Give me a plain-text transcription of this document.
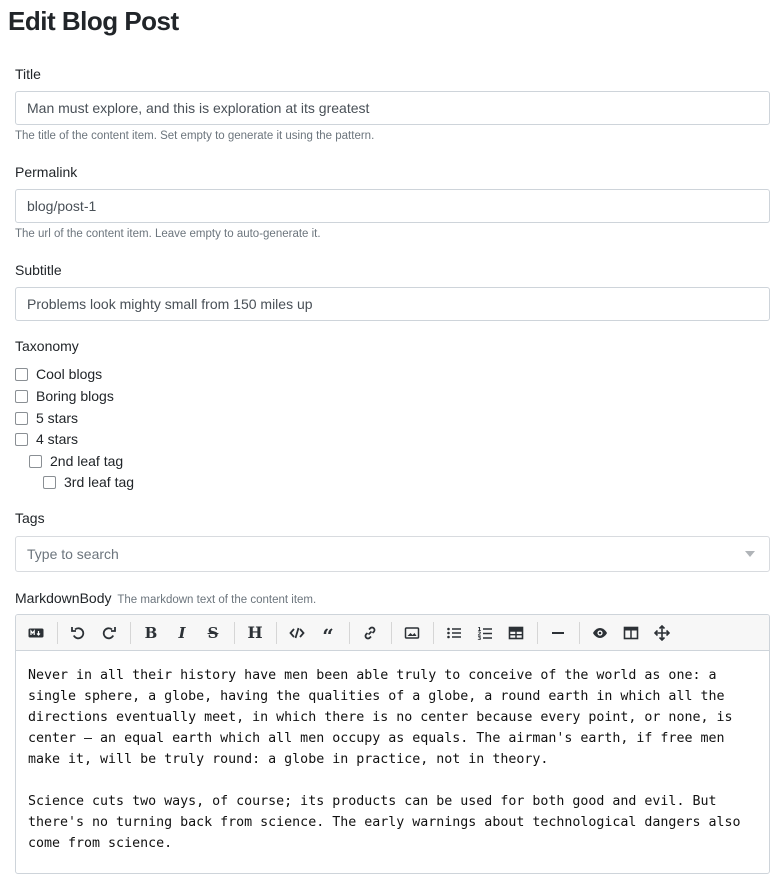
Edit Blog Post
Title
Man must explore, and this is exploration at its greatest
The title of the content item. Set empty to generate it using the pattern.
Permalink
blog/post-1
The url of the content item. Leave empty to auto-generate it.
Subtitle
Problems look mighty small from 150 miles up
Taxonomy
Cool blogs
Boring blogs
5 stars
4 stars
2nd leaf tag
3rd leaf tag
Tags
Type to search
MarkdownBody The markdown text of the content item.
B	I	S	H	“	1
2
3

Never in all their history have men been able truly to conceive of the world as one: a
single sphere, a globe, having the qualities of a globe, a round earth in which all the
directions eventually meet, in which there is no center because every point, or none, is
center — an equal earth which all men occupy as equals. The airman's earth, if free men
make it, will be truly round: a globe in practice, not in theory.

Science cuts two ways, of course; its products can be used for both good and evil. But
there's no turning back from science. The early warnings about technological dangers also
come from science.
